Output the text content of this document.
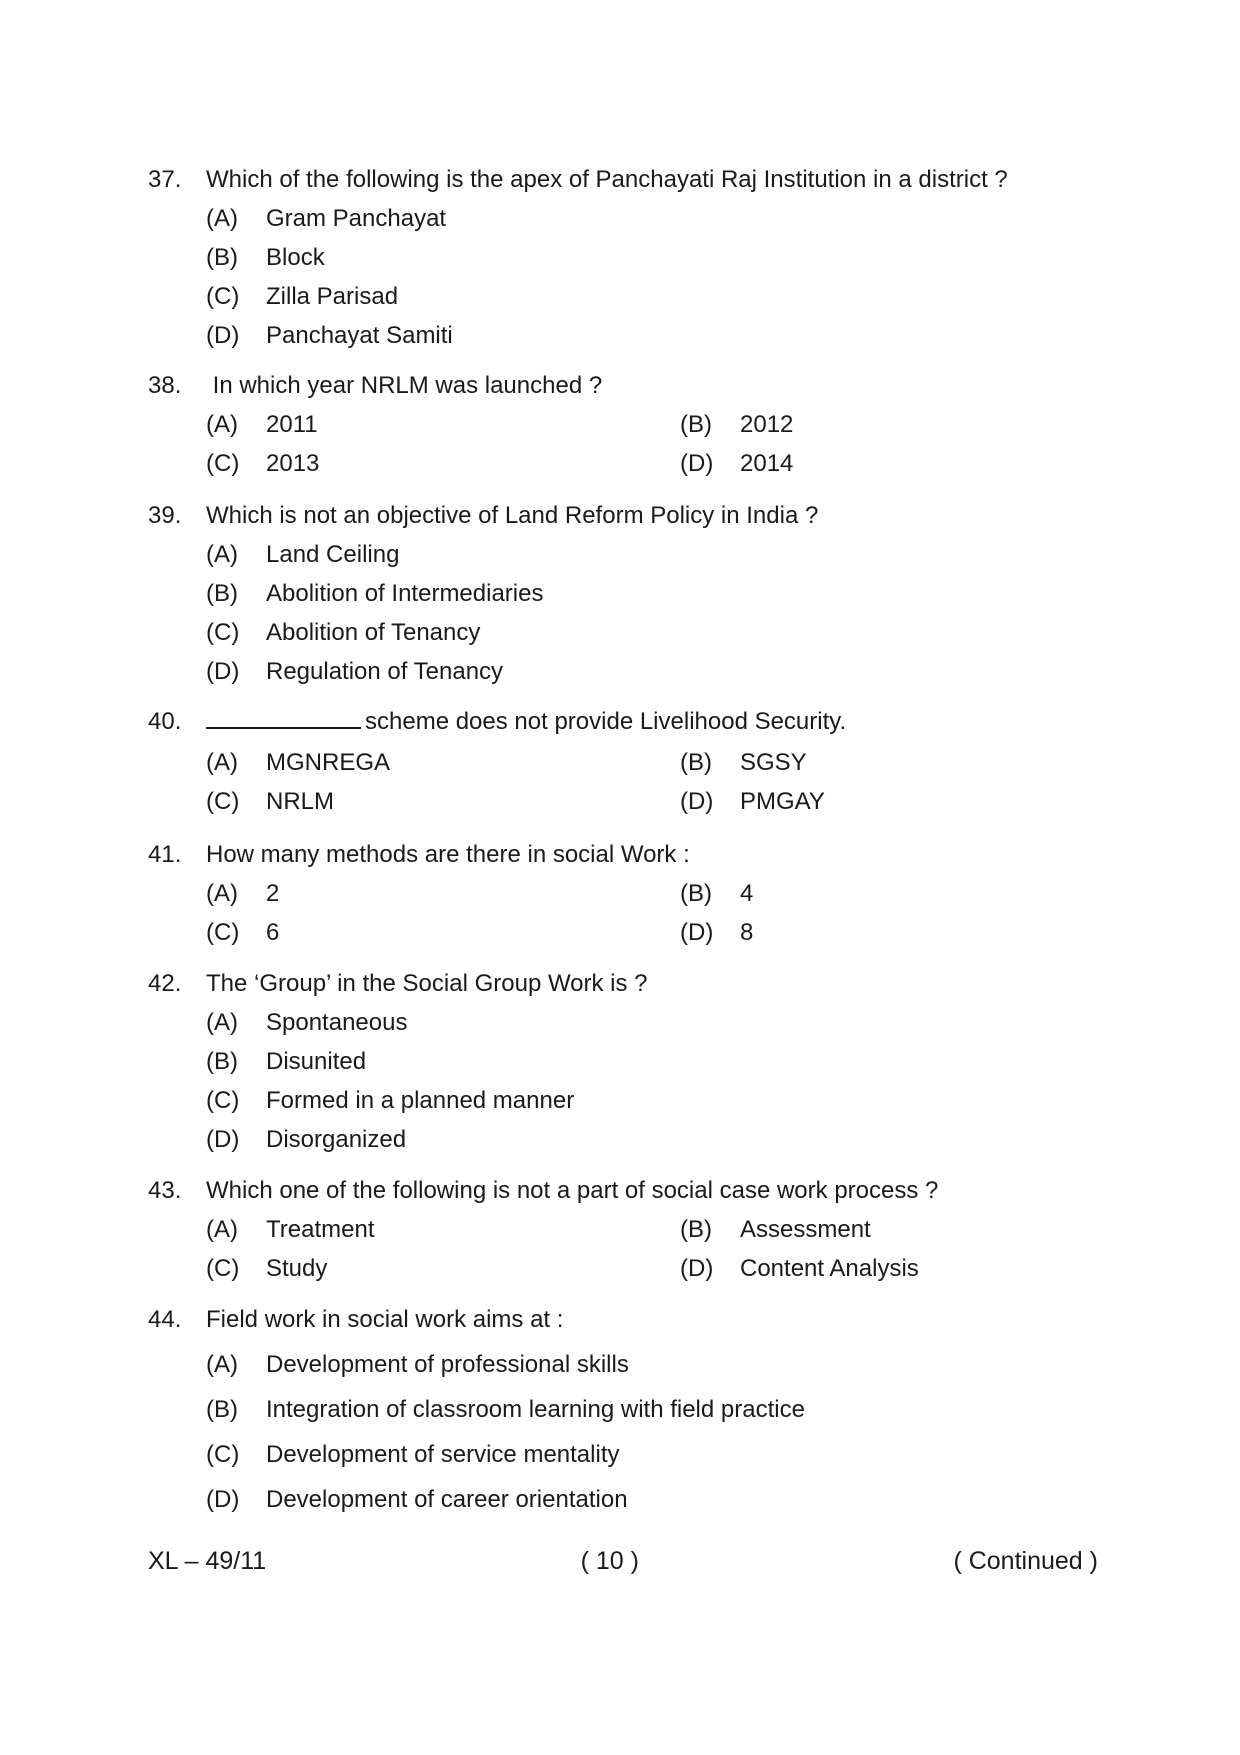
37.	Which of the following is the apex of Panchayati Raj Institution in a district ?
(A)	Gram Panchayat
(B)	Block
(C)	Zilla Parisad
(D)	Panchayat Samiti
38.	In which year NRLM was launched ?
(A)	2011	(B)	2012
(C)	2013	(D)	2014
39.	Which is not an objective of Land Reform Policy in India ?
(A)	Land Ceiling
(B)	Abolition of Intermediaries
(C)	Abolition of Tenancy
(D)	Regulation of Tenancy
40.	scheme does not provide Livelihood Security.
(A)	MGNREGA	(B)	SGSY
(C)	NRLM	(D)	PMGAY
41.	How many methods are there in social Work :
(A)	2	(B)	4
(C)	6	(D)	8
42.	The ‘Group’ in the Social Group Work is ?
(A)	Spontaneous
(B)	Disunited
(C)	Formed in a planned manner
(D)	Disorganized
43.	Which one of the following is not a part of social case work process ?
(A)	Treatment	(B)	Assessment
(C)	Study	(D)	Content Analysis
44.	Field work in social work aims at :
(A)	Development of professional skills
(B)	Integration of classroom learning with field practice
(C)	Development of service mentality
(D)	Development of career orientation
XL – 49/11	( 10 )	( Continued )
